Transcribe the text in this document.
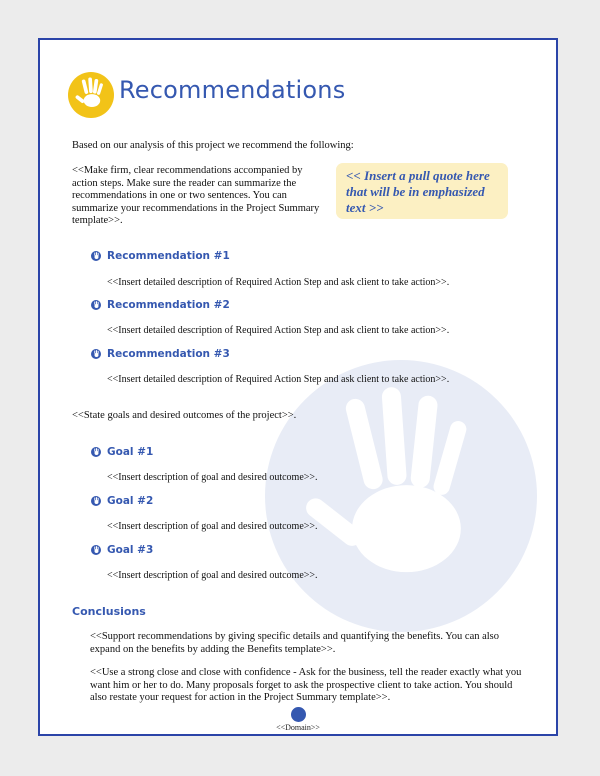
Recommendations
Based on our analysis of this project we recommend the following:
<<Make firm, clear recommendations accompanied by action steps. Make sure the reader can summarize the recommendations in one or two sentences. You can summarize your recommendations in the Project Summary template>>.
<< Insert a pull quote here that will be in emphasized text >>
Recommendation #1
<<Insert detailed description of Required Action Step and ask client to take action>>.
Recommendation #2
<<Insert detailed description of Required Action Step and ask client to take action>>.
Recommendation #3
<<Insert detailed description of Required Action Step and ask client to take action>>.
<<State goals and desired outcomes of the project>>.
Goal #1
<<Insert description of goal and desired outcome>>.
Goal #2
<<Insert description of goal and desired outcome>>.
Goal #3
<<Insert description of goal and desired outcome>>.
Conclusions
<<Support recommendations by giving specific details and quantifying the benefits. You can also expand on the benefits by adding the Benefits template>>.
<<Use a strong close and close with confidence - Ask for the business, tell the reader exactly what you want him or her to do. Many proposals forget to ask the prospective client to take action. You should also restate your request for action in the Project Summary template>>.
<<Domain>>
